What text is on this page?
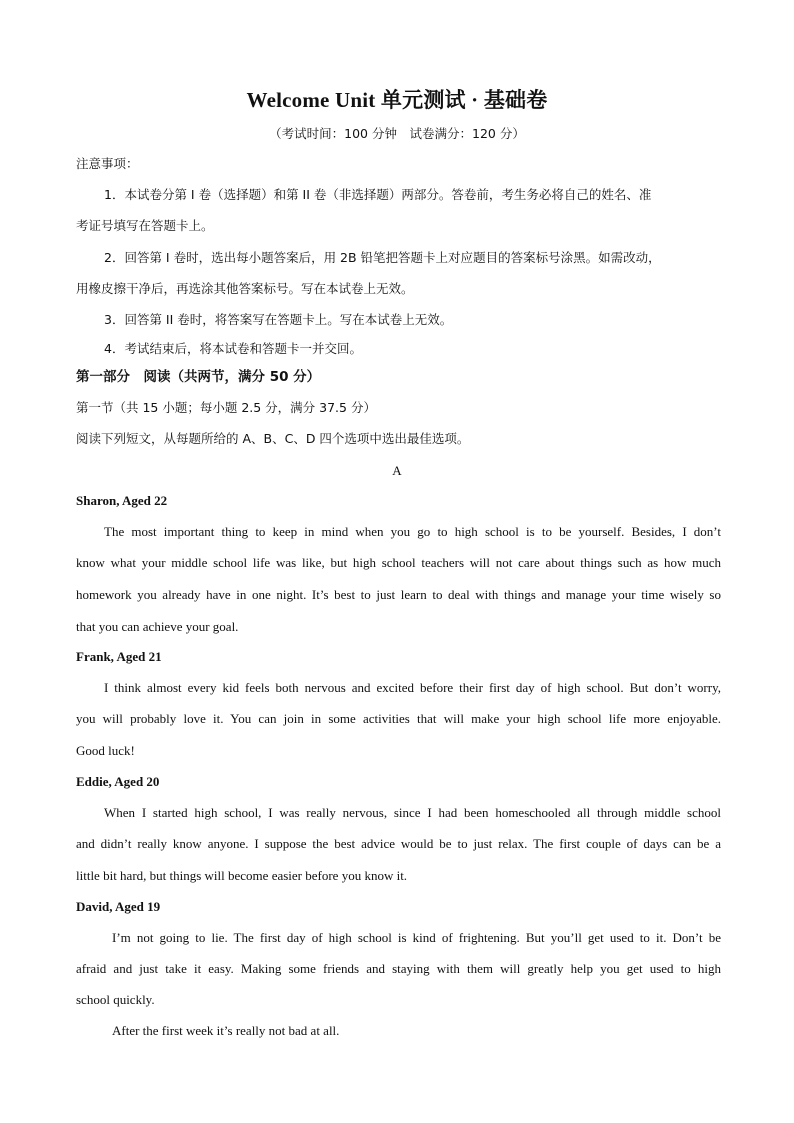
Welcome Unit 单元测试 · 基础卷
（考试时间：100 分钟　试卷满分：120 分）
注意事项：
1．本试卷分第 I 卷（选择题）和第 II 卷（非选择题）两部分。答卷前，考生务必将自己的姓名、准
考证号填写在答题卡上。
2．回答第 I 卷时，选出每小题答案后，用 2B 铅笔把答题卡上对应题目的答案标号涂黑。如需改动，
用橡皮擦干净后，再选涂其他答案标号。写在本试卷上无效。
3．回答第 II 卷时，将答案写在答题卡上。写在本试卷上无效。
4．考试结束后，将本试卷和答题卡一并交回。
第一部分　阅读（共两节，满分 50 分）
第一节（共 15 小题；每小题 2.5 分，满分 37.5 分）
阅读下列短文，从每题所给的 A、B、C、D 四个选项中选出最佳选项。
A
Sharon, Aged 22
The most important thing to keep in mind when you go to high school is to be yourself. Besides, I don’t
know what your middle school life was like, but high school teachers will not care about things such as how much
homework you already have in one night. It’s best to just learn to deal with things and manage your time wisely so
that you can achieve your goal.
Frank, Aged 21
I think almost every kid feels both nervous and excited before their first day of high school. But don’t worry,
you will probably love it. You can join in some activities that will make your high school life more enjoyable.
Good luck!
Eddie, Aged 20
When I started high school, I was really nervous, since I had been homeschooled all through middle school
and didn’t really know anyone. I suppose the best advice would be to just relax. The first couple of days can be a
little bit hard, but things will become easier before you know it.
David, Aged 19
I’m not going to lie. The first day of high school is kind of frightening. But you’ll get used to it. Don’t be
afraid and just take it easy. Making some friends and staying with them will greatly help you get used to high
school quickly.
After the first week it’s really not bad at all.
